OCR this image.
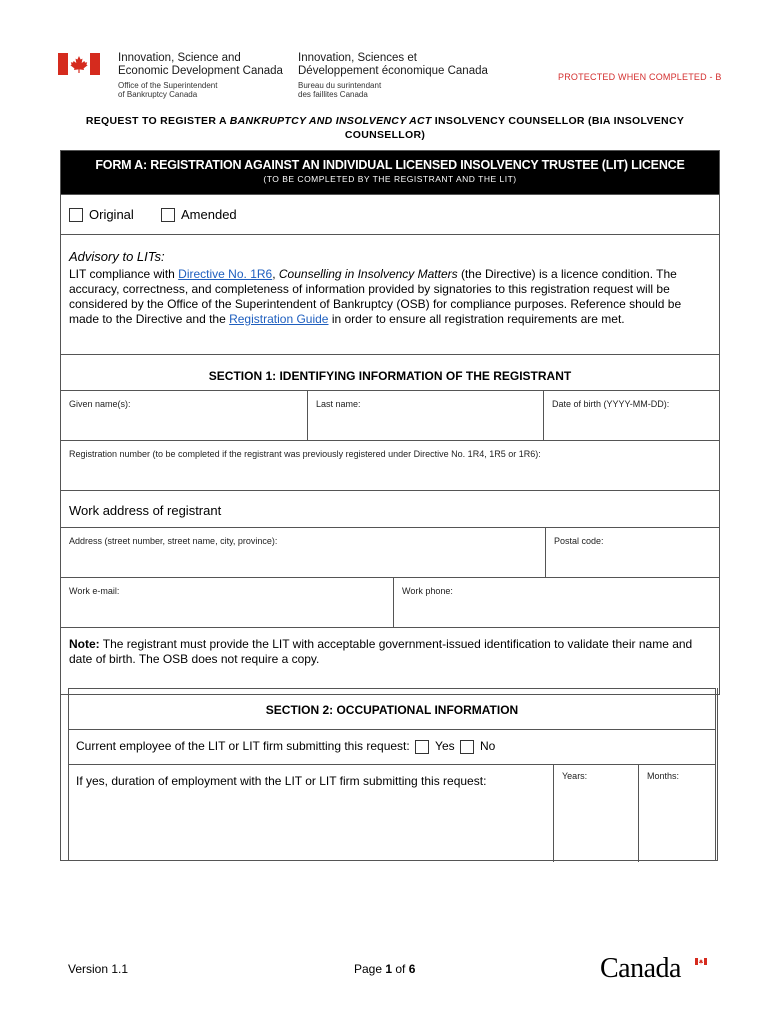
Innovation, Science and
Economic Development Canada
Office of the Superintendent
of Bankruptcy Canada
Innovation, Sciences et
Développement économique Canada
Bureau du surintendant
des faillites Canada
PROTECTED WHEN COMPLETED - B
REQUEST TO REGISTER A BANKRUPTCY AND INSOLVENCY ACT INSOLVENCY COUNSELLOR (BIA INSOLVENCY COUNSELLOR)
FORM A: REGISTRATION AGAINST AN INDIVIDUAL LICENSED INSOLVENCY TRUSTEE (LIT) LICENCE
(TO BE COMPLETED BY THE REGISTRANT AND THE LIT)
Original	Amended
Advisory to LITs:
LIT compliance with Directive No. 1R6, Counselling in Insolvency Matters (the Directive) is a licence condition. The accuracy, correctness, and completeness of information provided by signatories to this registration request will be considered by the Office of the Superintendent of Bankruptcy (OSB) for compliance purposes. Reference should be made to the Directive and the Registration Guide in order to ensure all registration requirements are met.
SECTION 1: IDENTIFYING INFORMATION OF THE REGISTRANT
Given name(s):	Last name:	Date of birth (YYYY-MM-DD):
Registration number (to be completed if the registrant was previously registered under Directive No. 1R4, 1R5 or 1R6):
Work address of registrant
Address (street number, street name, city, province):	Postal code:
Work e-mail:	Work phone:
Note: The registrant must provide the LIT with acceptable government-issued identification to validate their name and date of birth. The OSB does not require a copy.
SECTION 2: OCCUPATIONAL INFORMATION
Current employee of the LIT or LIT firm submitting this request: Yes No
If yes, duration of employment with the LIT or LIT firm submitting this request:	Years:	Months:
Version 1.1	Page 1 of 6	Canada
